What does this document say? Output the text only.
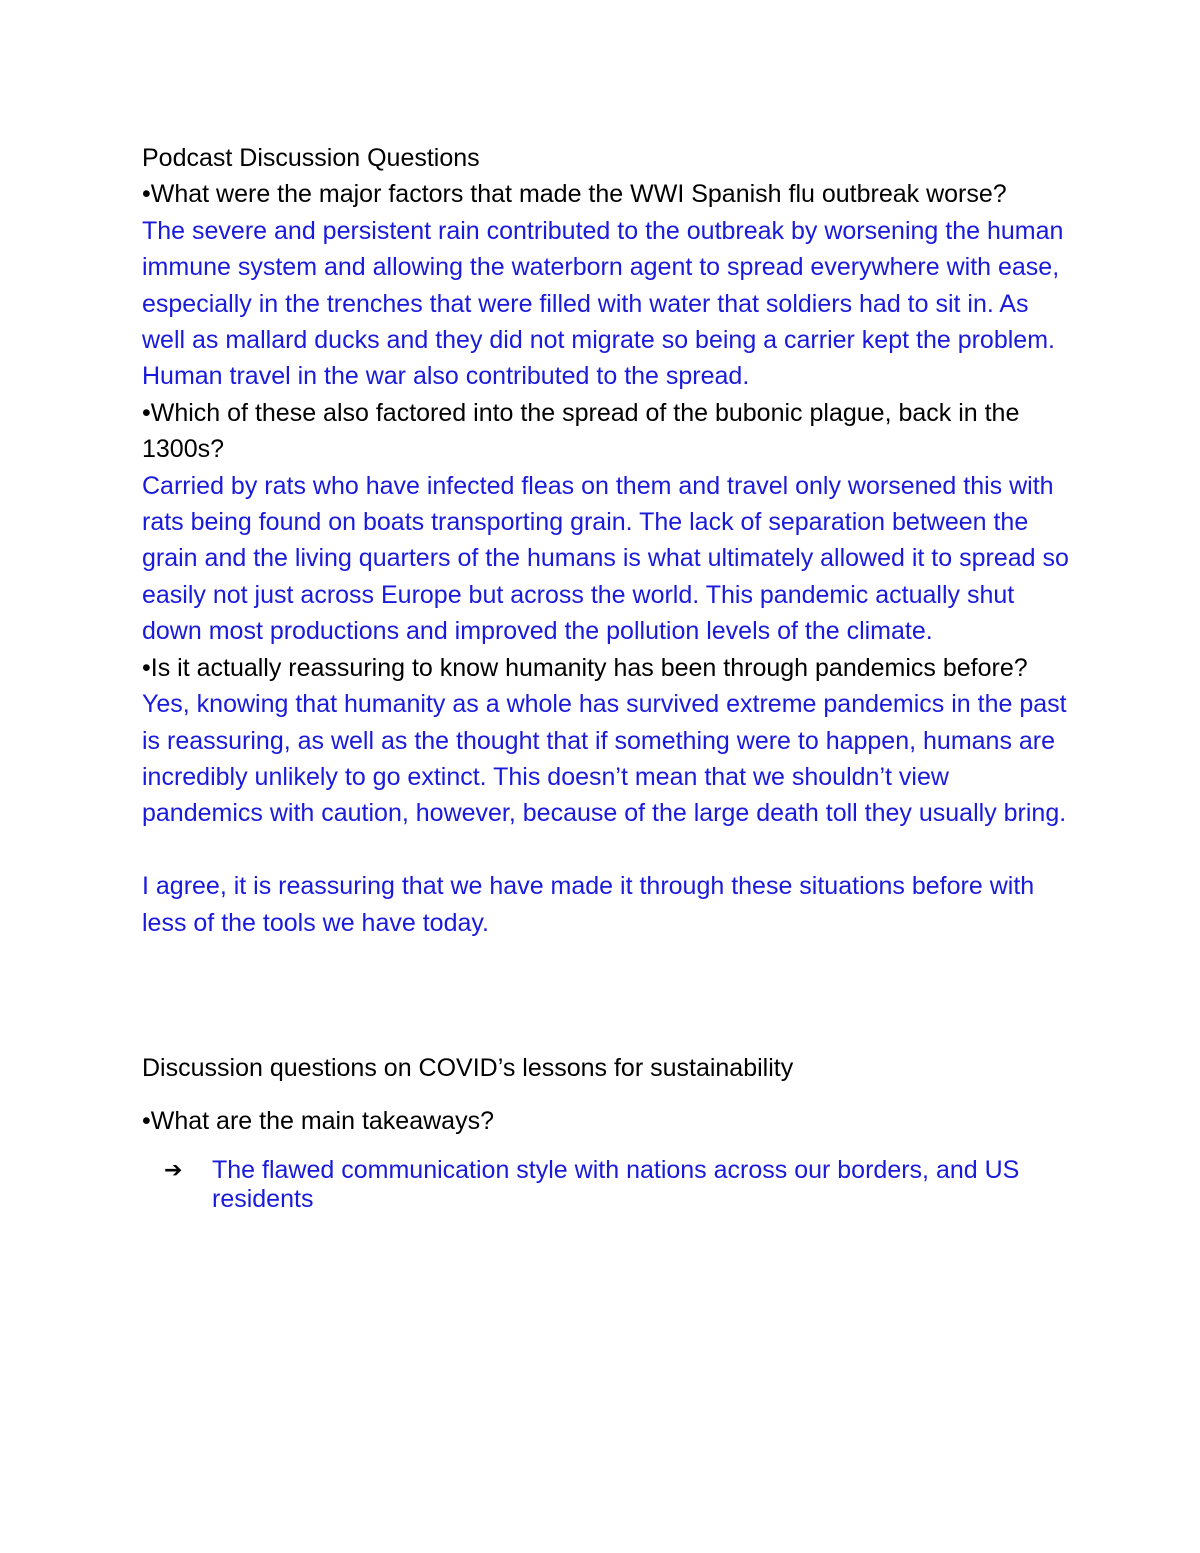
Podcast Discussion Questions

•What were the major factors that made the WWI Spanish flu outbreak worse?

The severe and persistent rain contributed to the outbreak by worsening the human immune system and allowing the waterborn agent to spread everywhere with ease, especially in the trenches that were filled with water that soldiers had to sit in. As well as mallard ducks and they did not migrate so being a carrier kept the problem. Human travel in the war also contributed to the spread.

•Which of these also factored into the spread of the bubonic plague, back in the 1300s?

Carried by rats who have infected fleas on them and travel only worsened this with rats being found on boats transporting grain. The lack of separation between the grain and the living quarters of the humans is what ultimately allowed it to spread so easily not just across Europe but across the world. This pandemic actually shut down most productions and improved the pollution levels of the climate.

•Is it actually reassuring to know humanity has been through pandemics before?

Yes, knowing that humanity as a whole has survived extreme pandemics in the past is reassuring, as well as the thought that if something were to happen, humans are incredibly unlikely to go extinct. This doesn’t mean that we shouldn’t view pandemics with caution, however, because of the large death toll they usually bring.

I agree, it is reassuring that we have made it through these situations before with less of the tools we have today.

Discussion questions on COVID’s lessons for sustainability

•What are the main takeaways?

➔	The flawed communication style with nations across our borders, and US residents
